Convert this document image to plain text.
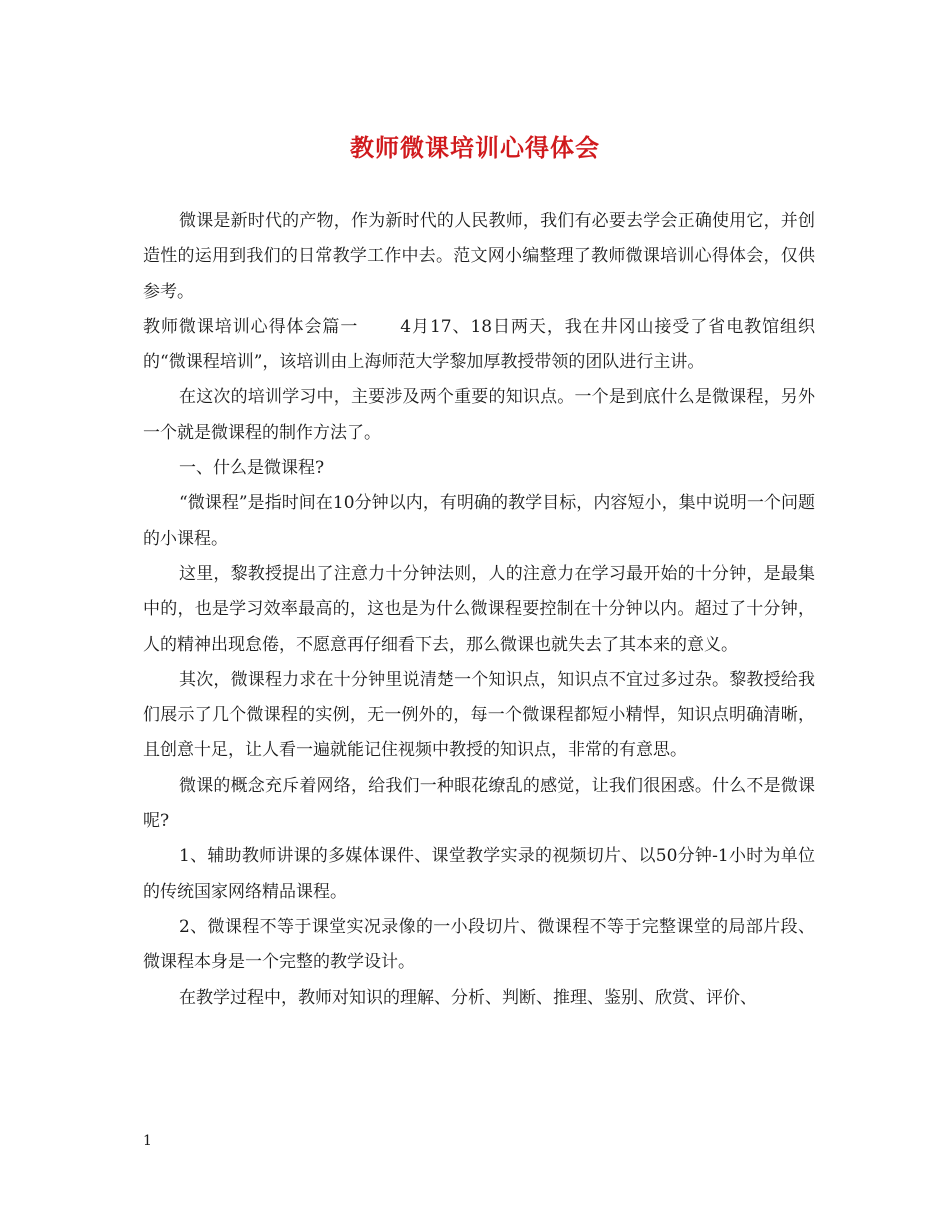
教师微课培训心得体会

微课是新时代的产物，作为新时代的人民教师，我们有必要去学会正确使用它，并创造性的运用到我们的日常教学工作中去。范文网小编整理了教师微课培训心得体会，仅供参考。

教师微课培训心得体会篇一 4月17、18日两天，我在井冈山接受了省电教馆组织的“微课程培训”，该培训由上海师范大学黎加厚教授带领的团队进行主讲。

在这次的培训学习中，主要涉及两个重要的知识点。一个是到底什么是微课程，另外一个就是微课程的制作方法了。

一、什么是微课程?

“微课程”是指时间在10分钟以内，有明确的教学目标，内容短小，集中说明一个问题的小课程。

这里，黎教授提出了注意力十分钟法则，人的注意力在学习最开始的十分钟，是最集中的，也是学习效率最高的，这也是为什么微课程要控制在十分钟以内。超过了十分钟，人的精神出现怠倦，不愿意再仔细看下去，那么微课也就失去了其本来的意义。

其次，微课程力求在十分钟里说清楚一个知识点，知识点不宜过多过杂。黎教授给我们展示了几个微课程的实例，无一例外的，每一个微课程都短小精悍，知识点明确清晰，且创意十足，让人看一遍就能记住视频中教授的知识点，非常的有意思。

微课的概念充斥着网络，给我们一种眼花缭乱的感觉，让我们很困惑。什么不是微课呢?

1、辅助教师讲课的多媒体课件、课堂教学实录的视频切片、以50分钟-1小时为单位的传统国家网络精品课程。

2、微课程不等于课堂实况录像的一小段切片、微课程不等于完整课堂的局部片段、微课程本身是一个完整的教学设计。

在教学过程中，教师对知识的理解、分析、判断、推理、鉴别、欣赏、评价、

1
